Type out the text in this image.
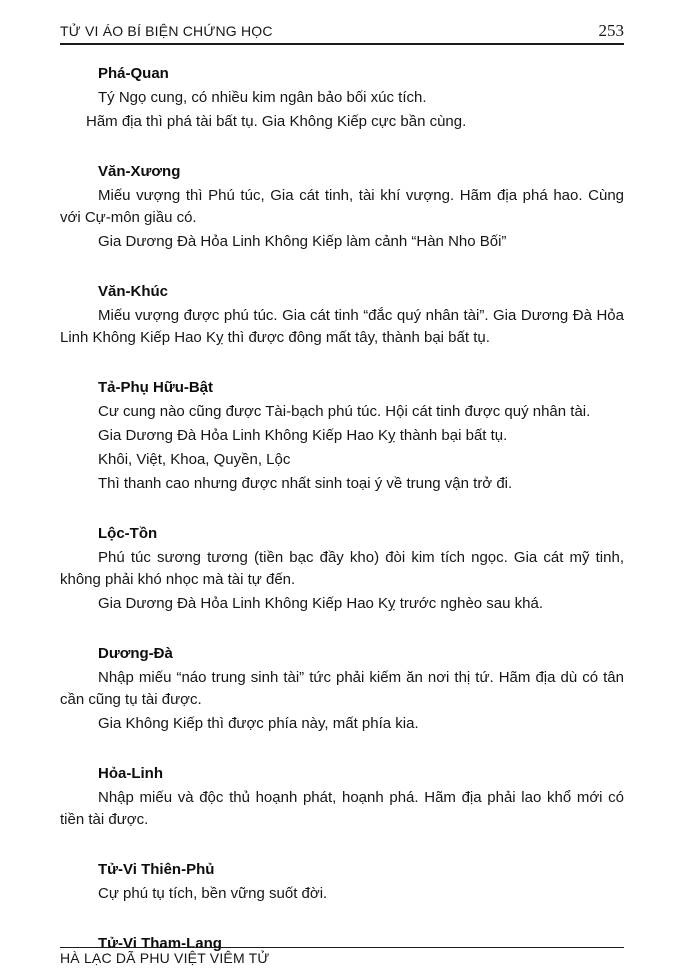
TỬ VI ÁO BÍ BIỆN CHỨNG HỌC	253
Phá-Quan

Tý Ngọ cung, có nhiều kim ngân bảo bối xúc tích.

Hãm địa thì phá tài bất tụ. Gia Không Kiếp cực bần cùng.

Văn-Xương

Miếu vượng thì Phú túc, Gia cát tinh, tài khí vượng. Hãm địa phá hao. Cùng với Cự-môn giầu có.

Gia Dương Đà Hỏa Linh Không Kiếp làm cảnh “Hàn Nho Bối”

Văn-Khúc

Miếu vượng được phú túc. Gia cát tinh “đắc quý nhân tài”. Gia Dương Đà Hỏa Linh Không Kiếp Hao Kỵ thì được đông mất tây, thành bại bất tụ.

Tả-Phụ Hữu-Bật

Cư cung nào cũng được Tài-bạch phú túc. Hội cát tinh được quý nhân tài.

Gia Dương Đà Hỏa Linh Không Kiếp Hao Kỵ thành bại bất tụ.

Khôi, Việt, Khoa, Quyền, Lộc

Thì thanh cao nhưng được nhất sinh toại ý về trung vận trở đi.

Lộc-Tồn

Phú túc sương tương (tiền bạc đầy kho) đòi kim tích ngọc. Gia cát mỹ tinh, không phải khó nhọc mà tài tự đến.

Gia Dương Đà Hỏa Linh Không Kiếp Hao Kỵ trước nghèo sau khá.

Dương-Đà

Nhập miếu “náo trung sinh tài” tức phải kiếm ăn nơi thị tứ. Hãm địa dù có tân cần cũng tụ tài được.

Gia Không Kiếp thì được phía này, mất phía kia.

Hỏa-Linh

Nhập miếu và độc thủ hoạnh phát, hoạnh phá. Hãm địa phải lao khổ mới có tiền tài được.

Tử-Vi Thiên-Phủ

Cự phú tụ tích, bền vững suốt đời.

Tử-Vi Tham-Lang
HÀ LẠC DÃ PHU VIỆT VIÊM TỬ
